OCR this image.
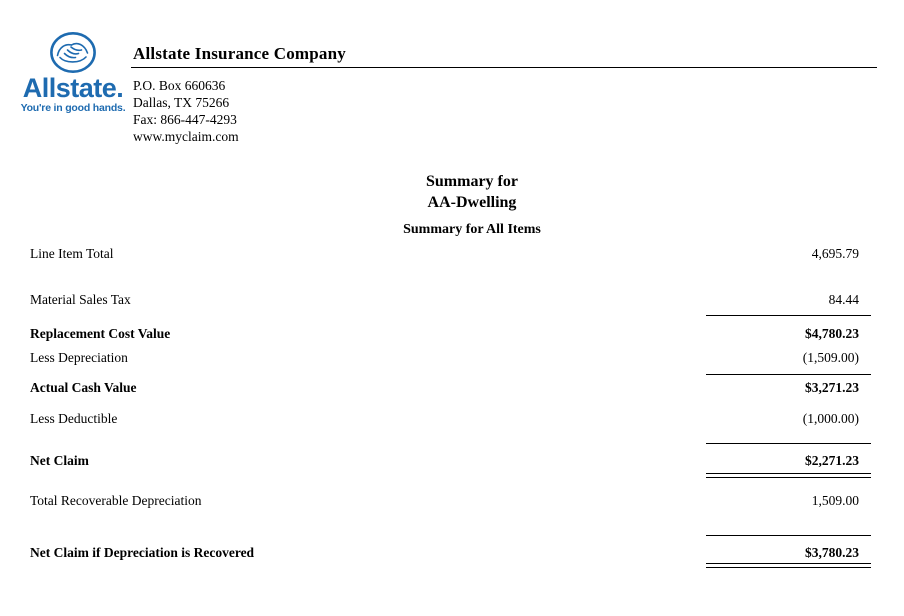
Allstate.
You're in good hands.
Allstate Insurance Company
P.O. Box 660636
Dallas, TX 75266
Fax: 866-447-4293
www.myclaim.com
Summary for
AA-Dwelling
Summary for All Items
Line Item Total	4,695.79
Material Sales Tax	84.44
Replacement Cost Value	$4,780.23
Less Depreciation	(1,509.00)
Actual Cash Value	$3,271.23
Less Deductible	(1,000.00)
Net Claim	$2,271.23
Total Recoverable Depreciation	1,509.00
Net Claim if Depreciation is Recovered	$3,780.23
